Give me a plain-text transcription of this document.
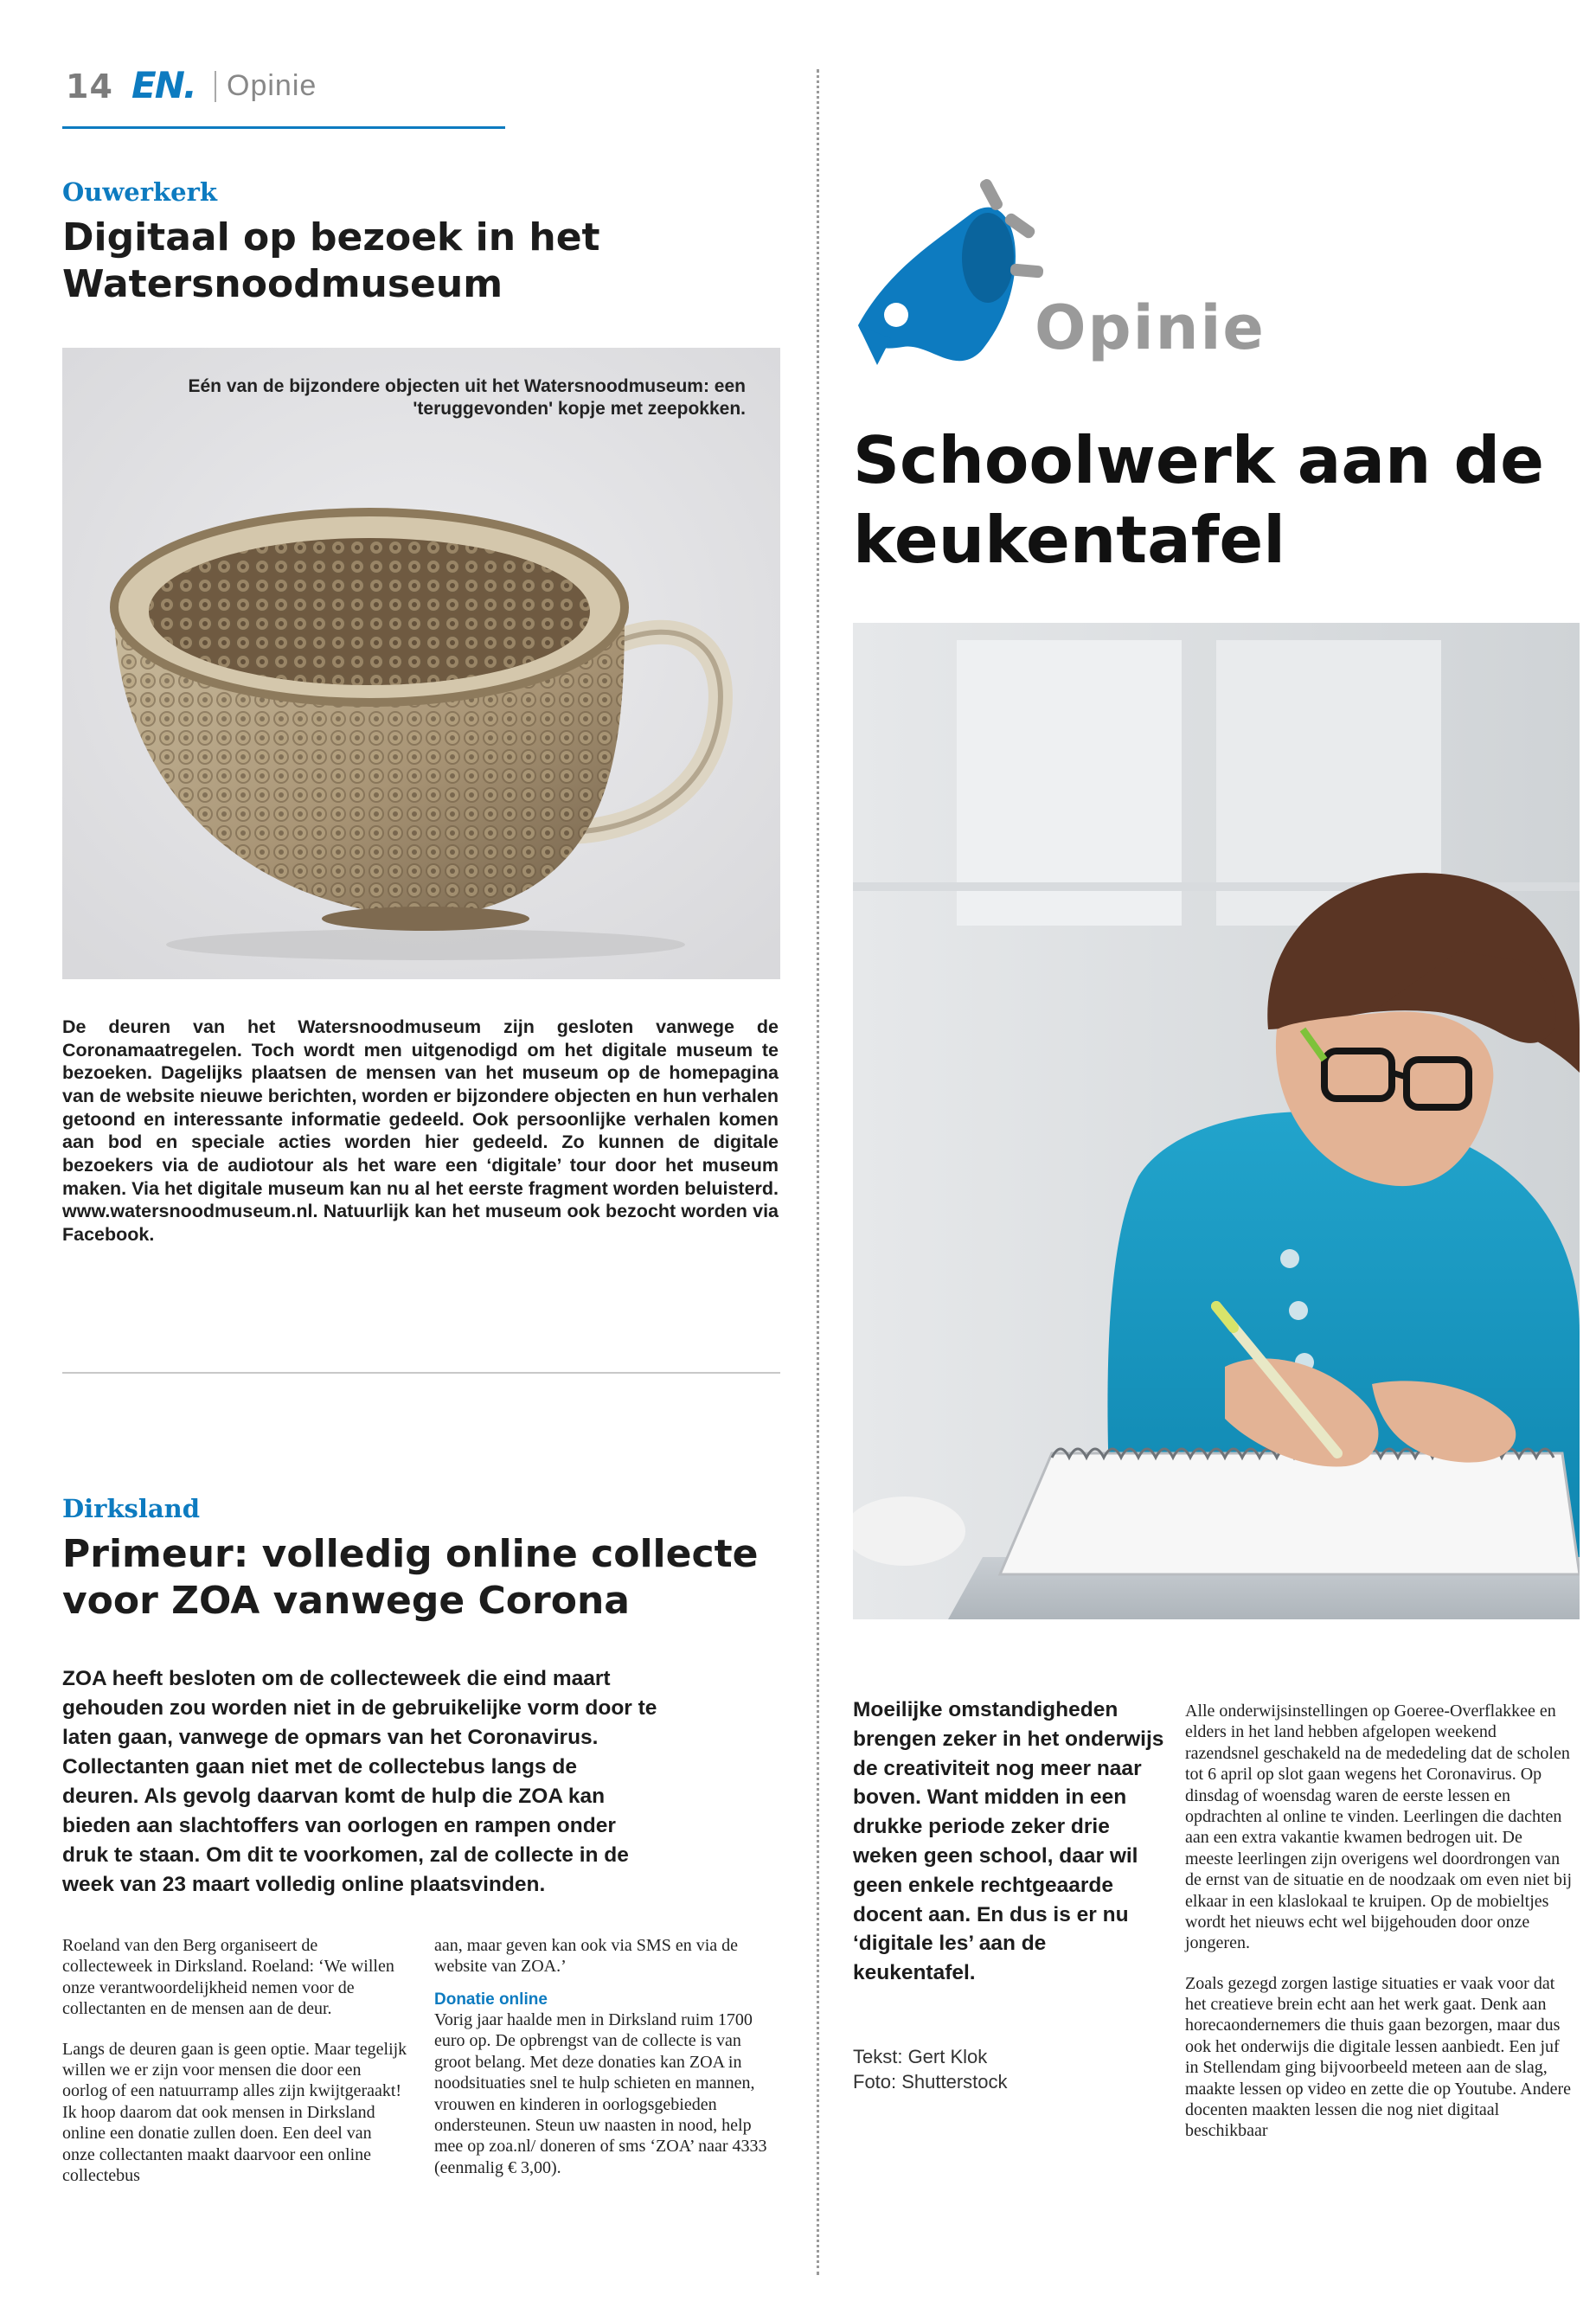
14 EN. Opinie
Ouwerkerk
Digitaal op bezoek in het Watersnoodmuseum
Eén van de bijzondere objecten uit het Watersnoodmuseum: een 'teruggevonden' kopje met zeepokken.
De deuren van het Watersnoodmuseum zijn gesloten vanwege de Coronamaatregelen. Toch wordt men uitgenodigd om het digitale museum te bezoeken. Dagelijks plaatsen de mensen van het museum op de homepagina van de website nieuwe berichten, worden er bijzondere objecten en hun verhalen getoond en interessante informatie gedeeld. Ook persoonlijke verhalen komen aan bod en speciale acties worden hier gedeeld. Zo kunnen de digitale bezoekers via de audiotour als het ware een ‘digitale’ tour door het museum maken. Via het digitale museum kan nu al het eerste fragment worden beluisterd. www.watersnoodmuseum.nl. Natuurlijk kan het museum ook bezocht worden via Facebook.
Dirksland
Primeur: volledig online collecte voor ZOA vanwege Corona
ZOA heeft besloten om de collecteweek die eind maart gehouden zou worden niet in de gebruikelijke vorm door te laten gaan, vanwege de opmars van het Coronavirus. Collectanten gaan niet met de collectebus langs de deuren. Als gevolg daarvan komt de hulp die ZOA kan bieden aan slachtoffers van oorlogen en rampen onder druk te staan. Om dit te voorkomen, zal de collecte in de week van 23 maart volledig online plaatsvinden.

Roeland van den Berg organiseert de collecteweek in Dirksland. Roeland: ‘We willen onze verantwoordelijkheid nemen voor de collectanten en de mensen aan de deur.

Langs de deuren gaan is geen optie. Maar tegelijk willen we er zijn voor mensen die door een oorlog of een natuurramp alles zijn kwijtgeraakt! Ik hoop daarom dat ook mensen in Dirksland online een donatie zullen doen. Een deel van onze collectanten maakt daarvoor een online collectebus

aan, maar geven kan ook via SMS en via de website van ZOA.’

Donatie online

Vorig jaar haalde men in Dirksland ruim 1700 euro op. De opbrengst van de collecte is van groot belang. Met deze donaties kan ZOA in noodsituaties snel te hulp schieten en mannen, vrouwen en kinderen in oorlogsgebieden ondersteunen. Steun uw naasten in nood, help mee op zoa.nl/ doneren of sms ‘ZOA’ naar 4333 (eenmalig € 3,00).

Opinie
Schoolwerk aan de keukentafel
Moeilijke omstandigheden brengen zeker in het onderwijs de creativiteit nog meer naar boven. Want midden in een drukke periode zeker drie weken geen school, daar wil geen enkele rechtgeaarde docent aan. En dus is er nu ‘digitale les’ aan de keukentafel.
Tekst: Gert Klok
Foto: Shutterstock

Alle onderwijsinstellingen op Goeree-Overflakkee en elders in het land hebben afgelopen weekend razendsnel geschakeld na de mededeling dat de scholen tot 6 april op slot gaan wegens het Coronavirus. Op dinsdag of woensdag waren de eerste lessen en opdrachten al online te vinden. Leerlingen die dachten aan een extra vakantie kwamen bedrogen uit. De meeste leerlingen zijn overigens wel doordrongen van de ernst van de situatie en de noodzaak om even niet bij elkaar in een klaslokaal te kruipen. Op de mobieltjes wordt het nieuws echt wel bijgehouden door onze jongeren.

Zoals gezegd zorgen lastige situaties er vaak voor dat het creatieve brein echt aan het werk gaat. Denk aan horecaondernemers die thuis gaan bezorgen, maar dus ook het onderwijs die digitale lessen aanbiedt. Een juf in Stellendam ging bijvoorbeeld meteen aan de slag, maakte lessen op video en zette die op Youtube. Andere docenten maakten lessen die nog niet digitaal beschikbaar
